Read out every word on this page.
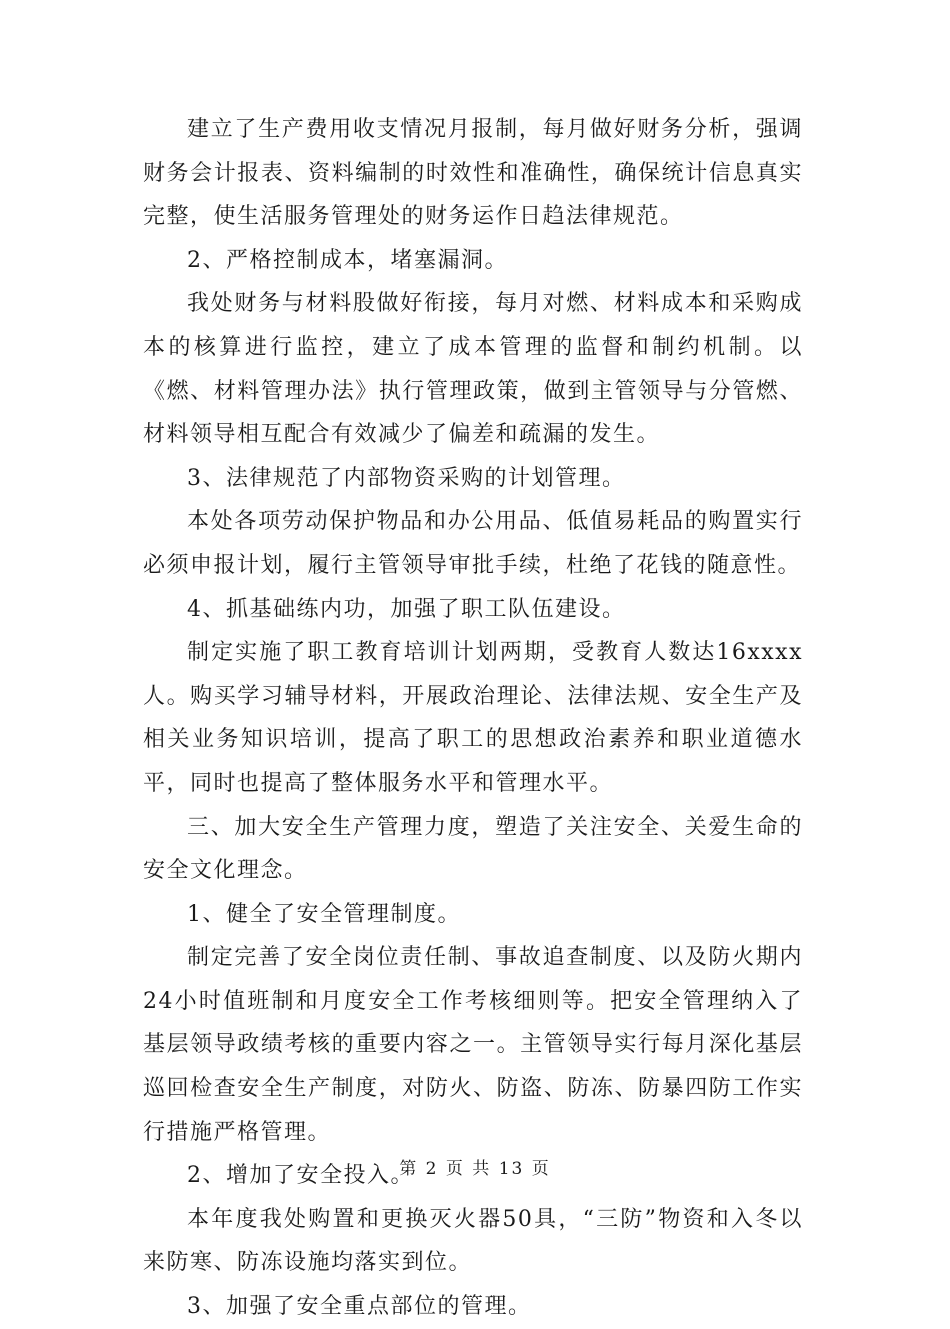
建立了生产费用收支情况月报制，每月做好财务分析，强调财务会计报表、资料编制的时效性和准确性，确保统计信息真实完整，使生活服务管理处的财务运作日趋法律规范。

2、严格控制成本，堵塞漏洞。

我处财务与材料股做好衔接，每月对燃、材料成本和采购成本的核算进行监控，建立了成本管理的监督和制约机制。以《燃、材料管理办法》执行管理政策，做到主管领导与分管燃、材料领导相互配合有效减少了偏差和疏漏的发生。

3、法律规范了内部物资采购的计划管理。

本处各项劳动保护物品和办公用品、低值易耗品的购置实行必须申报计划，履行主管领导审批手续，杜绝了花钱的随意性。

4、抓基础练内功，加强了职工队伍建设。

制定实施了职工教育培训计划两期，受教育人数达16xxxx人。购买学习辅导材料，开展政治理论、法律法规、安全生产及相关业务知识培训，提高了职工的思想政治素养和职业道德水平，同时也提高了整体服务水平和管理水平。

三、加大安全生产管理力度，塑造了关注安全、关爱生命的安全文化理念。

1、健全了安全管理制度。

制定完善了安全岗位责任制、事故追查制度、以及防火期内24小时值班制和月度安全工作考核细则等。把安全管理纳入了基层领导政绩考核的重要内容之一。主管领导实行每月深化基层巡回检查安全生产制度，对防火、防盗、防冻、防暴四防工作实行措施严格管理。

2、增加了安全投入。

本年度我处购置和更换灭火器50具，“三防”物资和入冬以来防寒、防冻设施均落实到位。

3、加强了安全重点部位的管理。

第 2 页 共 13 页
